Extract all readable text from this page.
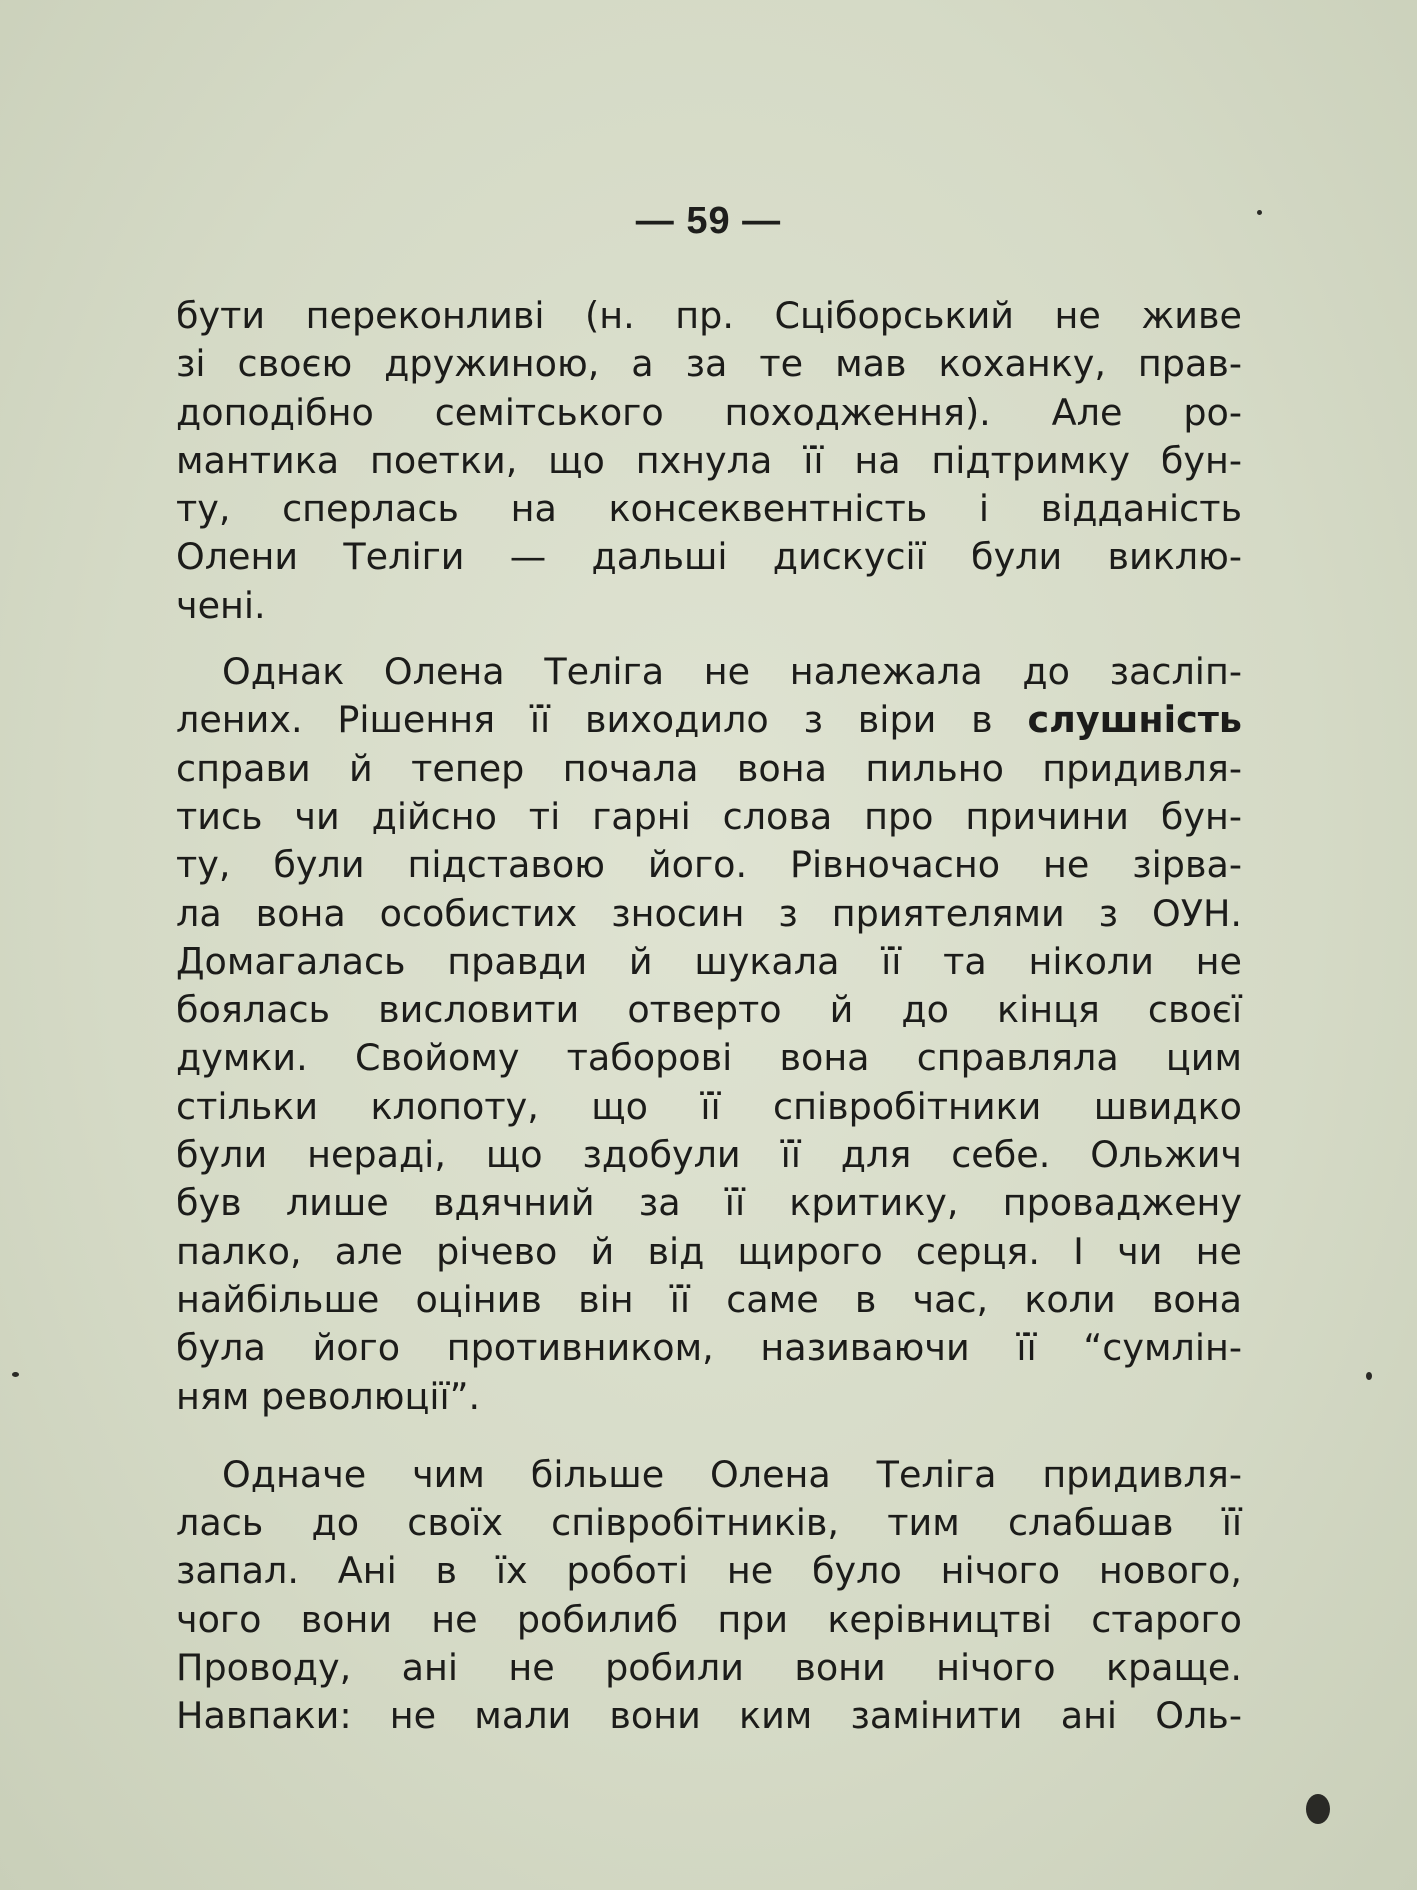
— 59 —
бути переконливі (н. пр. Сціборський не живе
зі своєю дружиною, а за те мав коханку, прав-
доподібно семітського походження). Але ро-
мантика поетки, що пхнула її на підтримку бун-
ту, сперлась на консеквентність і відданість
Олени Теліги — дальші дискусії були виклю-
чені.
Однак Олена Теліга не належала до засліп-
лених. Рішення її виходило з віри в слушність
справи й тепер почала вона пильно придивля-
тись чи дійсно ті гарні слова про причини бун-
ту, були підставою його. Рівночасно не зірва-
ла вона особистих зносин з приятелями з ОУН.
Домагалась правди й шукала її та ніколи не
боялась висловити отверто й до кінця своєї
думки. Свойому таборові вона справляла цим
стільки клопоту, що її співробітники швидко
були нераді, що здобули її для себе. Ольжич
був лише вдячний за її критику, проваджену
палко, але річево й від щирого серця. І чи не
найбільше оцінив він її саме в час, коли вона
була його противником, називаючи її “сумлін-
ням революції”.
Одначе чим більше Олена Теліга придивля-
лась до своїх співробітників, тим слабшав її
запал. Ані в їх роботі не було нічого нового,
чого вони не робилиб при керівництві старого
Проводу, ані не робили вони нічого краще.
Навпаки: не мали вони ким замінити ані Оль-
